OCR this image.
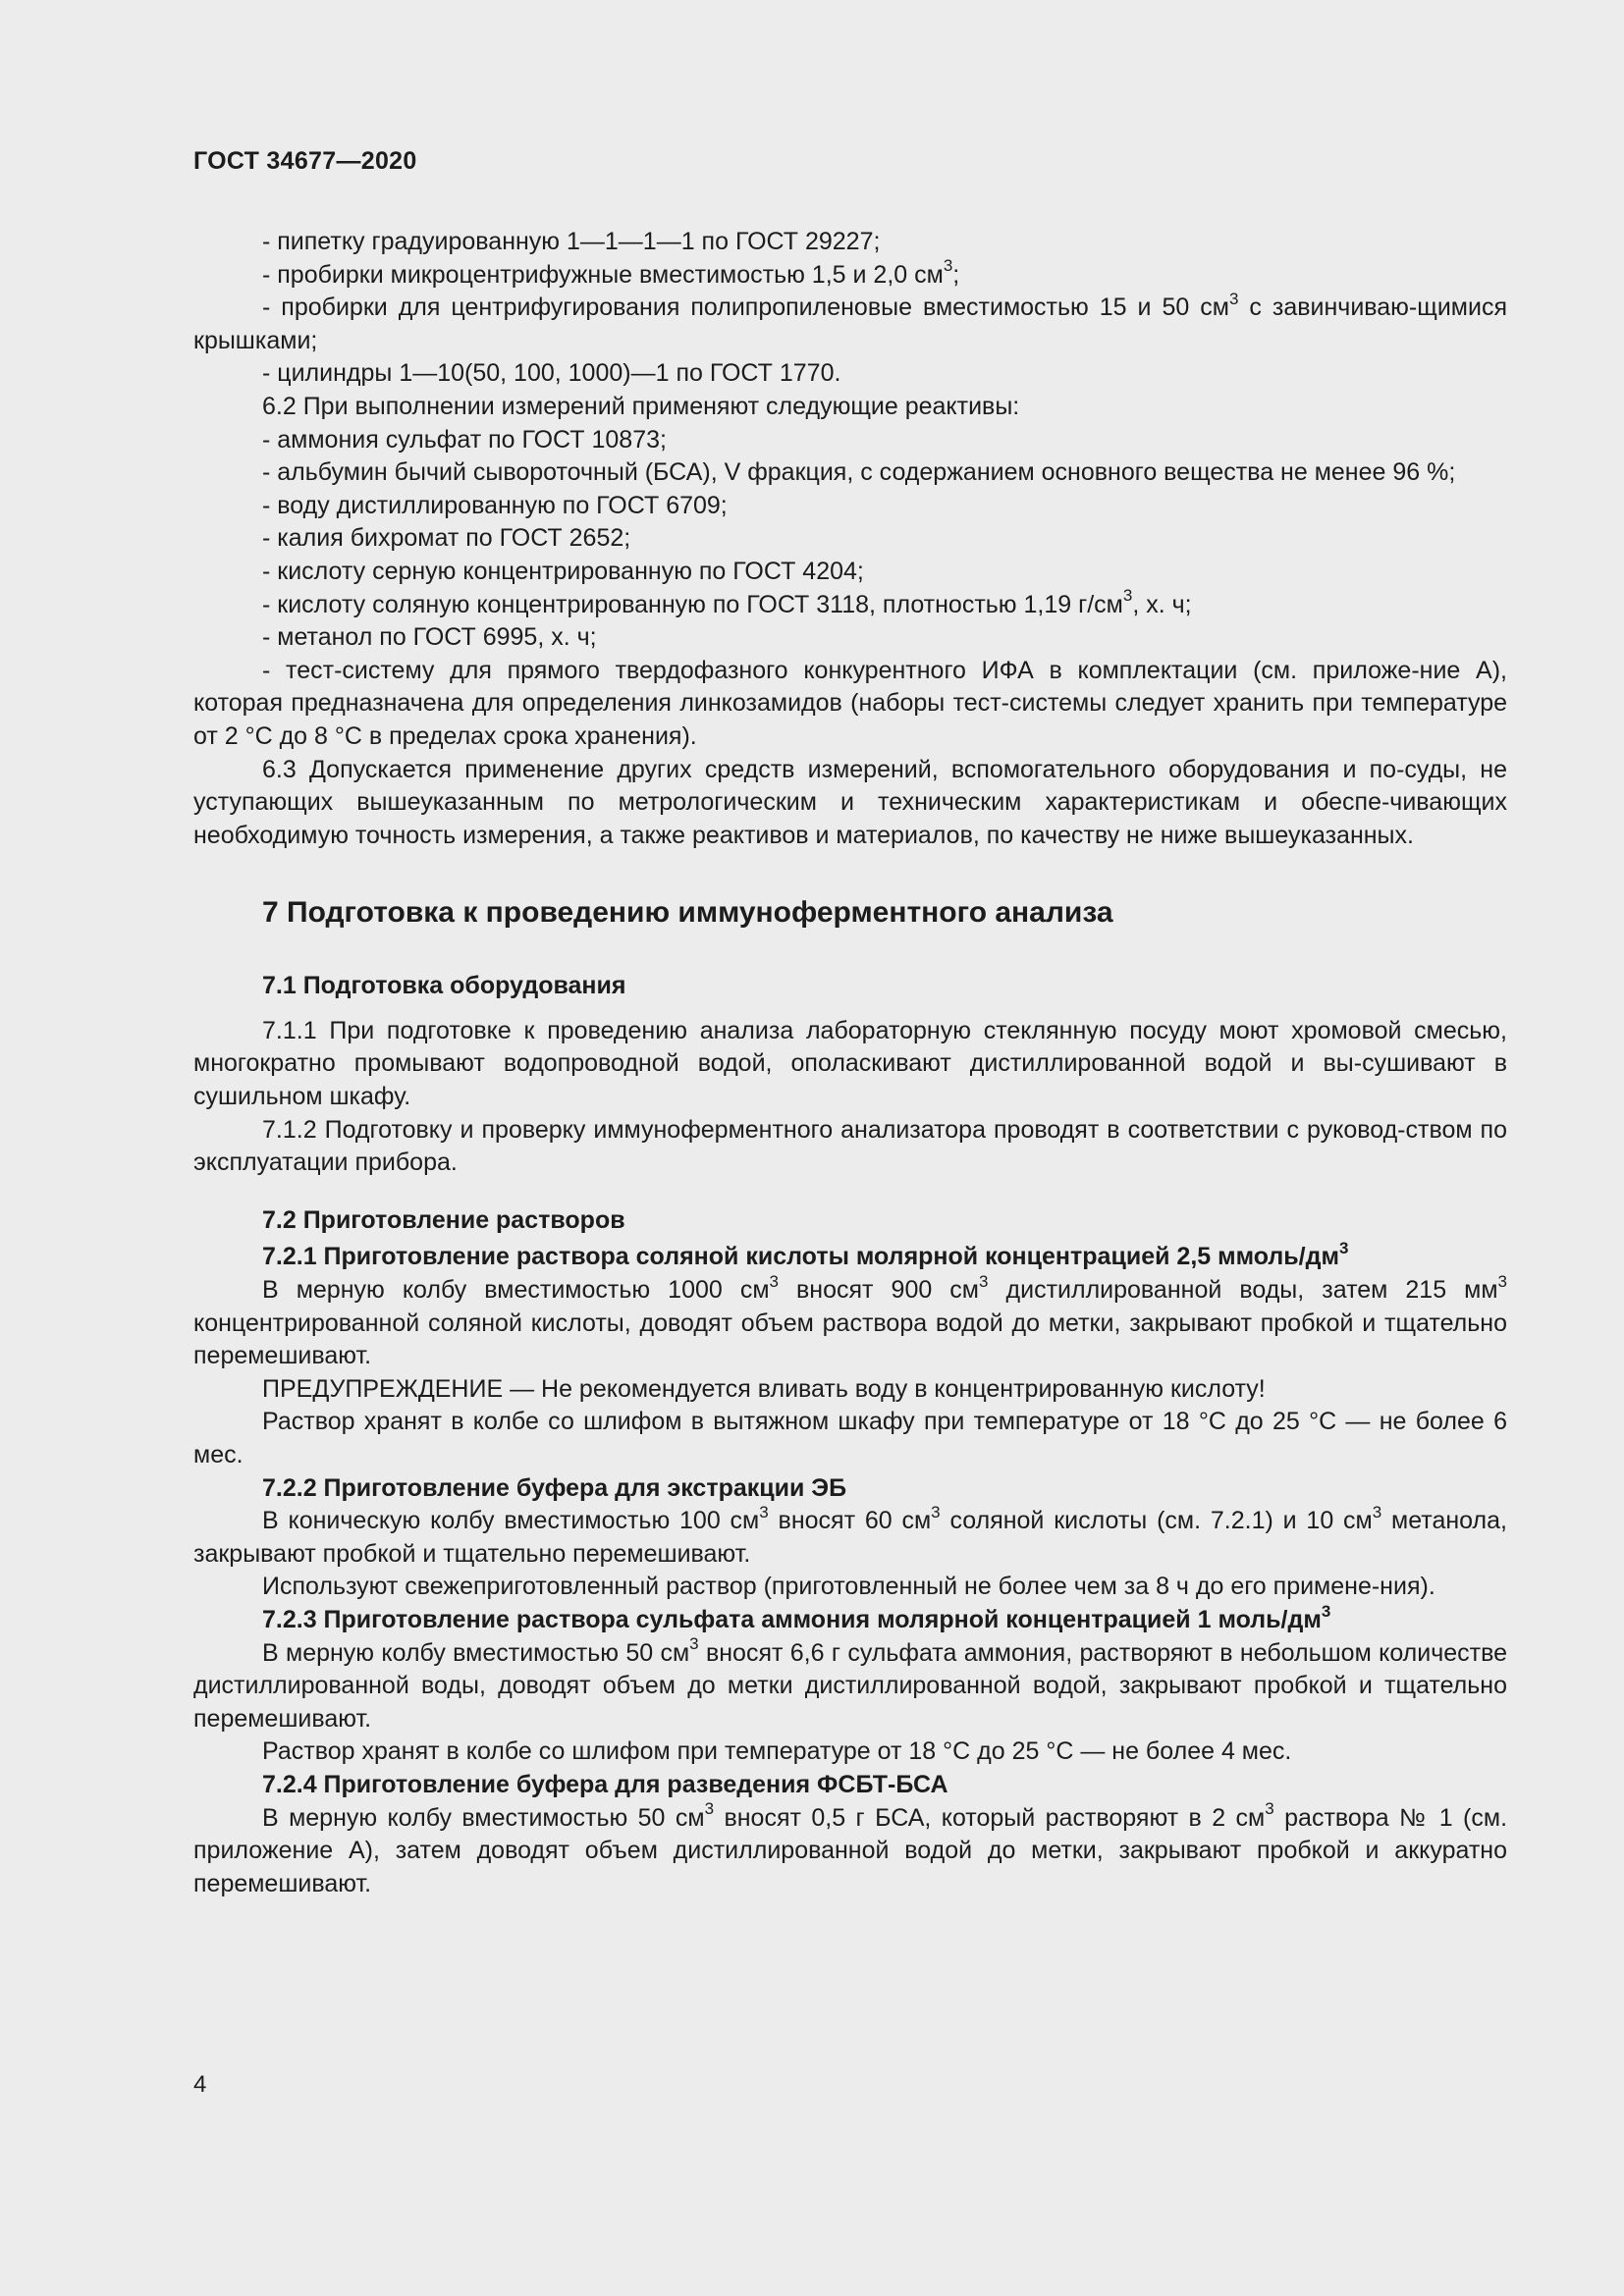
ГОСТ 34677—2020
- пипетку градуированную 1—1—1—1 по ГОСТ 29227;
- пробирки микроцентрифужные вместимостью 1,5 и 2,0 $см^3$;
- пробирки для центрифугирования полипропиленовые вместимостью 15 и 50 $см^3$ с завинчиваю-щимися крышками;
- цилиндры 1—10(50, 100, 1000)—1 по ГОСТ 1770.
6.2 При выполнении измерений применяют следующие реактивы:
- аммония сульфат по ГОСТ 10873;
- альбумин бычий сывороточный (БСА), V фракция, с содержанием основного вещества не менее 96 %;
- воду дистиллированную по ГОСТ 6709;
- калия бихромат по ГОСТ 2652;
- кислоту серную концентрированную по ГОСТ 4204;
- кислоту соляную концентрированную по ГОСТ 3118, плотностью 1,19 $г/см^3$, х. ч;
- метанол по ГОСТ 6995, х. ч;
- тест-систему для прямого твердофазного конкурентного ИФА в комплектации (см. приложе-ние А), которая предназначена для определения линкозамидов (наборы тест-системы следует хранить при температуре от 2 °С до 8 °С в пределах срока хранения).
6.3 Допускается применение других средств измерений, вспомогательного оборудования и по-суды, не уступающих вышеуказанным по метрологическим и техническим характеристикам и обеспе-чивающих необходимую точность измерения, а также реактивов и материалов, по качеству не ниже вышеуказанных.
7 Подготовка к проведению иммуноферментного анализа
7.1 Подготовка оборудования
7.1.1 При подготовке к проведению анализа лабораторную стеклянную посуду моют хромовой смесью, многократно промывают водопроводной водой, ополаскивают дистиллированной водой и вы-сушивают в сушильном шкафу.
7.1.2 Подготовку и проверку иммуноферментного анализатора проводят в соответствии с руковод-ством по эксплуатации прибора.
7.2 Приготовление растворов
7.2.1 Приготовление раствора соляной кислоты молярной концентрацией 2,5 ммоль/$дм^3$
В мерную колбу вместимостью 1000 $см^3$ вносят 900 $см^3$ дистиллированной воды, затем 215 $мм^3$ концентрированной соляной кислоты, доводят объем раствора водой до метки, закрывают пробкой и тщательно перемешивают.
ПРЕДУПРЕЖДЕНИЕ — Не рекомендуется вливать воду в концентрированную кислоту!
Раствор хранят в колбе со шлифом в вытяжном шкафу при температуре от 18 °С до 25 °С — не более 6 мес.
7.2.2 Приготовление буфера для экстракции ЭБ
В коническую колбу вместимостью 100 $см^3$ вносят 60 $см^3$ соляной кислоты (см. 7.2.1) и 10 $см^3$ метанола, закрывают пробкой и тщательно перемешивают.
Используют свежеприготовленный раствор (приготовленный не более чем за 8 ч до его примене-ния).
7.2.3 Приготовление раствора сульфата аммония молярной концентрацией 1 моль/$дм^3$
В мерную колбу вместимостью 50 $см^3$ вносят 6,6 г сульфата аммония, растворяют в небольшом количестве дистиллированной воды, доводят объем до метки дистиллированной водой, закрывают пробкой и тщательно перемешивают.
Раствор хранят в колбе со шлифом при температуре от 18 °С до 25 °С — не более 4 мес.
7.2.4 Приготовление буфера для разведения ФСБТ-БСА
В мерную колбу вместимостью 50 $см^3$ вносят 0,5 г БСА, который растворяют в 2 $см^3$ раствора № 1 (см. приложение А), затем доводят объем дистиллированной водой до метки, закрывают пробкой и аккуратно перемешивают.
4
